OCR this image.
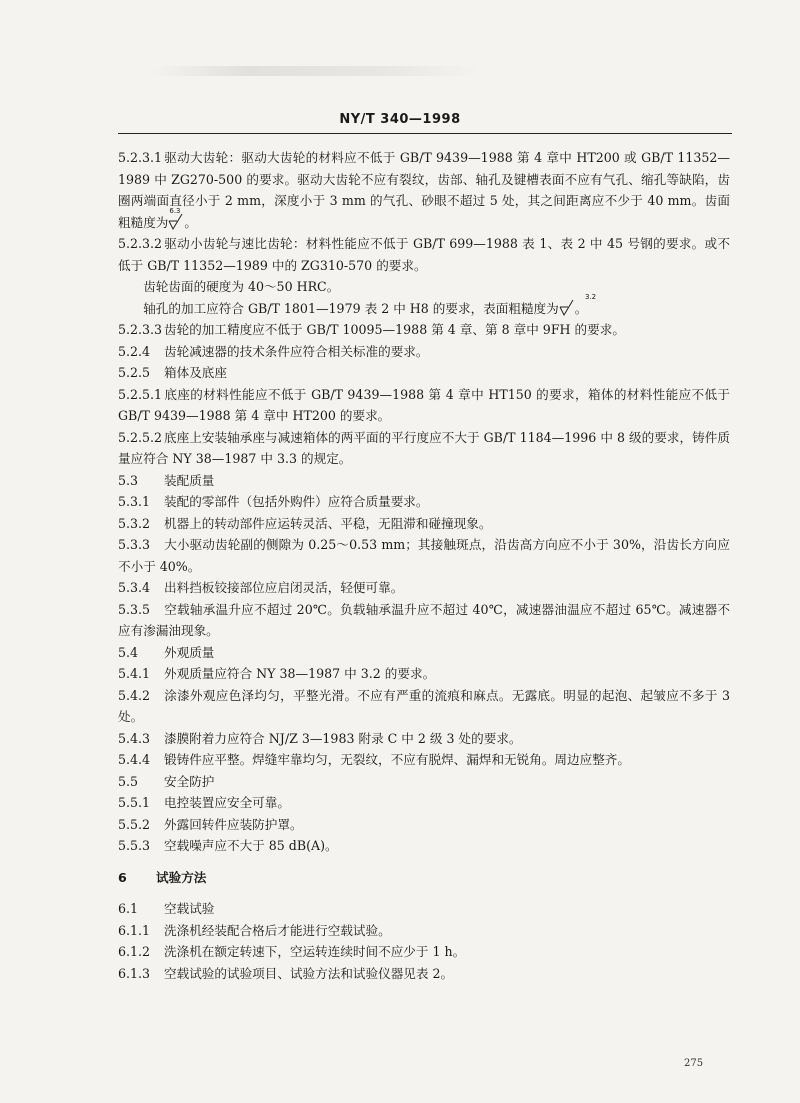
NY/T 340—1998

5.2.3.1 驱动大齿轮：驱动大齿轮的材料应不低于 GB/T 9439—1988 第 4 章中 HT200 或 GB/T 11352—1989 中 ZG270-500 的要求。驱动大齿轮不应有裂纹，齿部、轴孔及键槽表面不应有气孔、缩孔等缺陷，齿圈两端面直径小于 2 mm，深度小于 3 mm 的气孔、砂眼不超过 5 处，其之间距离应不少于 40 mm。齿面粗糙度为
6.3
。

5.2.3.2 驱动小齿轮与速比齿轮：材料性能应不低于 GB/T 699—1988 表 1、表 2 中 45 号钢的要求。或不低于 GB/T 11352—1989 中的 ZG310-570 的要求。

齿轮齿面的硬度为 40～50 HRC。

轴孔的加工应符合 GB/T 1801—1979 表 2 中 H8 的要求，表面粗糙度为
3.2
。

5.2.3.3 齿轮的加工精度应不低于 GB/T 10095—1988 第 4 章、第 8 章中 9FH 的要求。

5.2.4 齿轮减速器的技术条件应符合相关标准的要求。

5.2.5 箱体及底座

5.2.5.1 底座的材料性能应不低于 GB/T 9439—1988 第 4 章中 HT150 的要求，箱体的材料性能应不低于 GB/T 9439—1988 第 4 章中 HT200 的要求。

5.2.5.2 底座上安装轴承座与减速箱体的两平面的平行度应不大于 GB/T 1184—1996 中 8 级的要求，铸件质量应符合 NY 38—1987 中 3.3 的规定。

5.3 装配质量

5.3.1 装配的零部件（包括外购件）应符合质量要求。

5.3.2 机器上的转动部件应运转灵活、平稳，无阻滞和碰撞现象。

5.3.3 大小驱动齿轮副的侧隙为 0.25～0.53 mm；其接触斑点，沿齿高方向应不小于 30%，沿齿长方向应不小于 40%。

5.3.4 出料挡板铰接部位应启闭灵活，轻便可靠。

5.3.5 空载轴承温升应不超过 20℃。负载轴承温升应不超过 40℃，减速器油温应不超过 65℃。减速器不应有渗漏油现象。

5.4 外观质量

5.4.1 外观质量应符合 NY 38—1987 中 3.2 的要求。

5.4.2 涂漆外观应色泽均匀，平整光滑。不应有严重的流痕和麻点。无露底。明显的起泡、起皱应不多于 3 处。

5.4.3 漆膜附着力应符合 NJ/Z 3—1983 附录 C 中 2 级 3 处的要求。

5.4.4 锻铸件应平整。焊缝牢靠均匀，无裂纹，不应有脱焊、漏焊和无锐角。周边应整齐。

5.5 安全防护

5.5.1 电控装置应安全可靠。

5.5.2 外露回转件应装防护罩。

5.5.3 空载噪声应不大于 85 dB(A)。

6 试验方法

6.1 空载试验

6.1.1 洗涤机经装配合格后才能进行空载试验。

6.1.2 洗涤机在额定转速下，空运转连续时间不应少于 1 h。

6.1.3 空载试验的试验项目、试验方法和试验仪器见表 2。

275
